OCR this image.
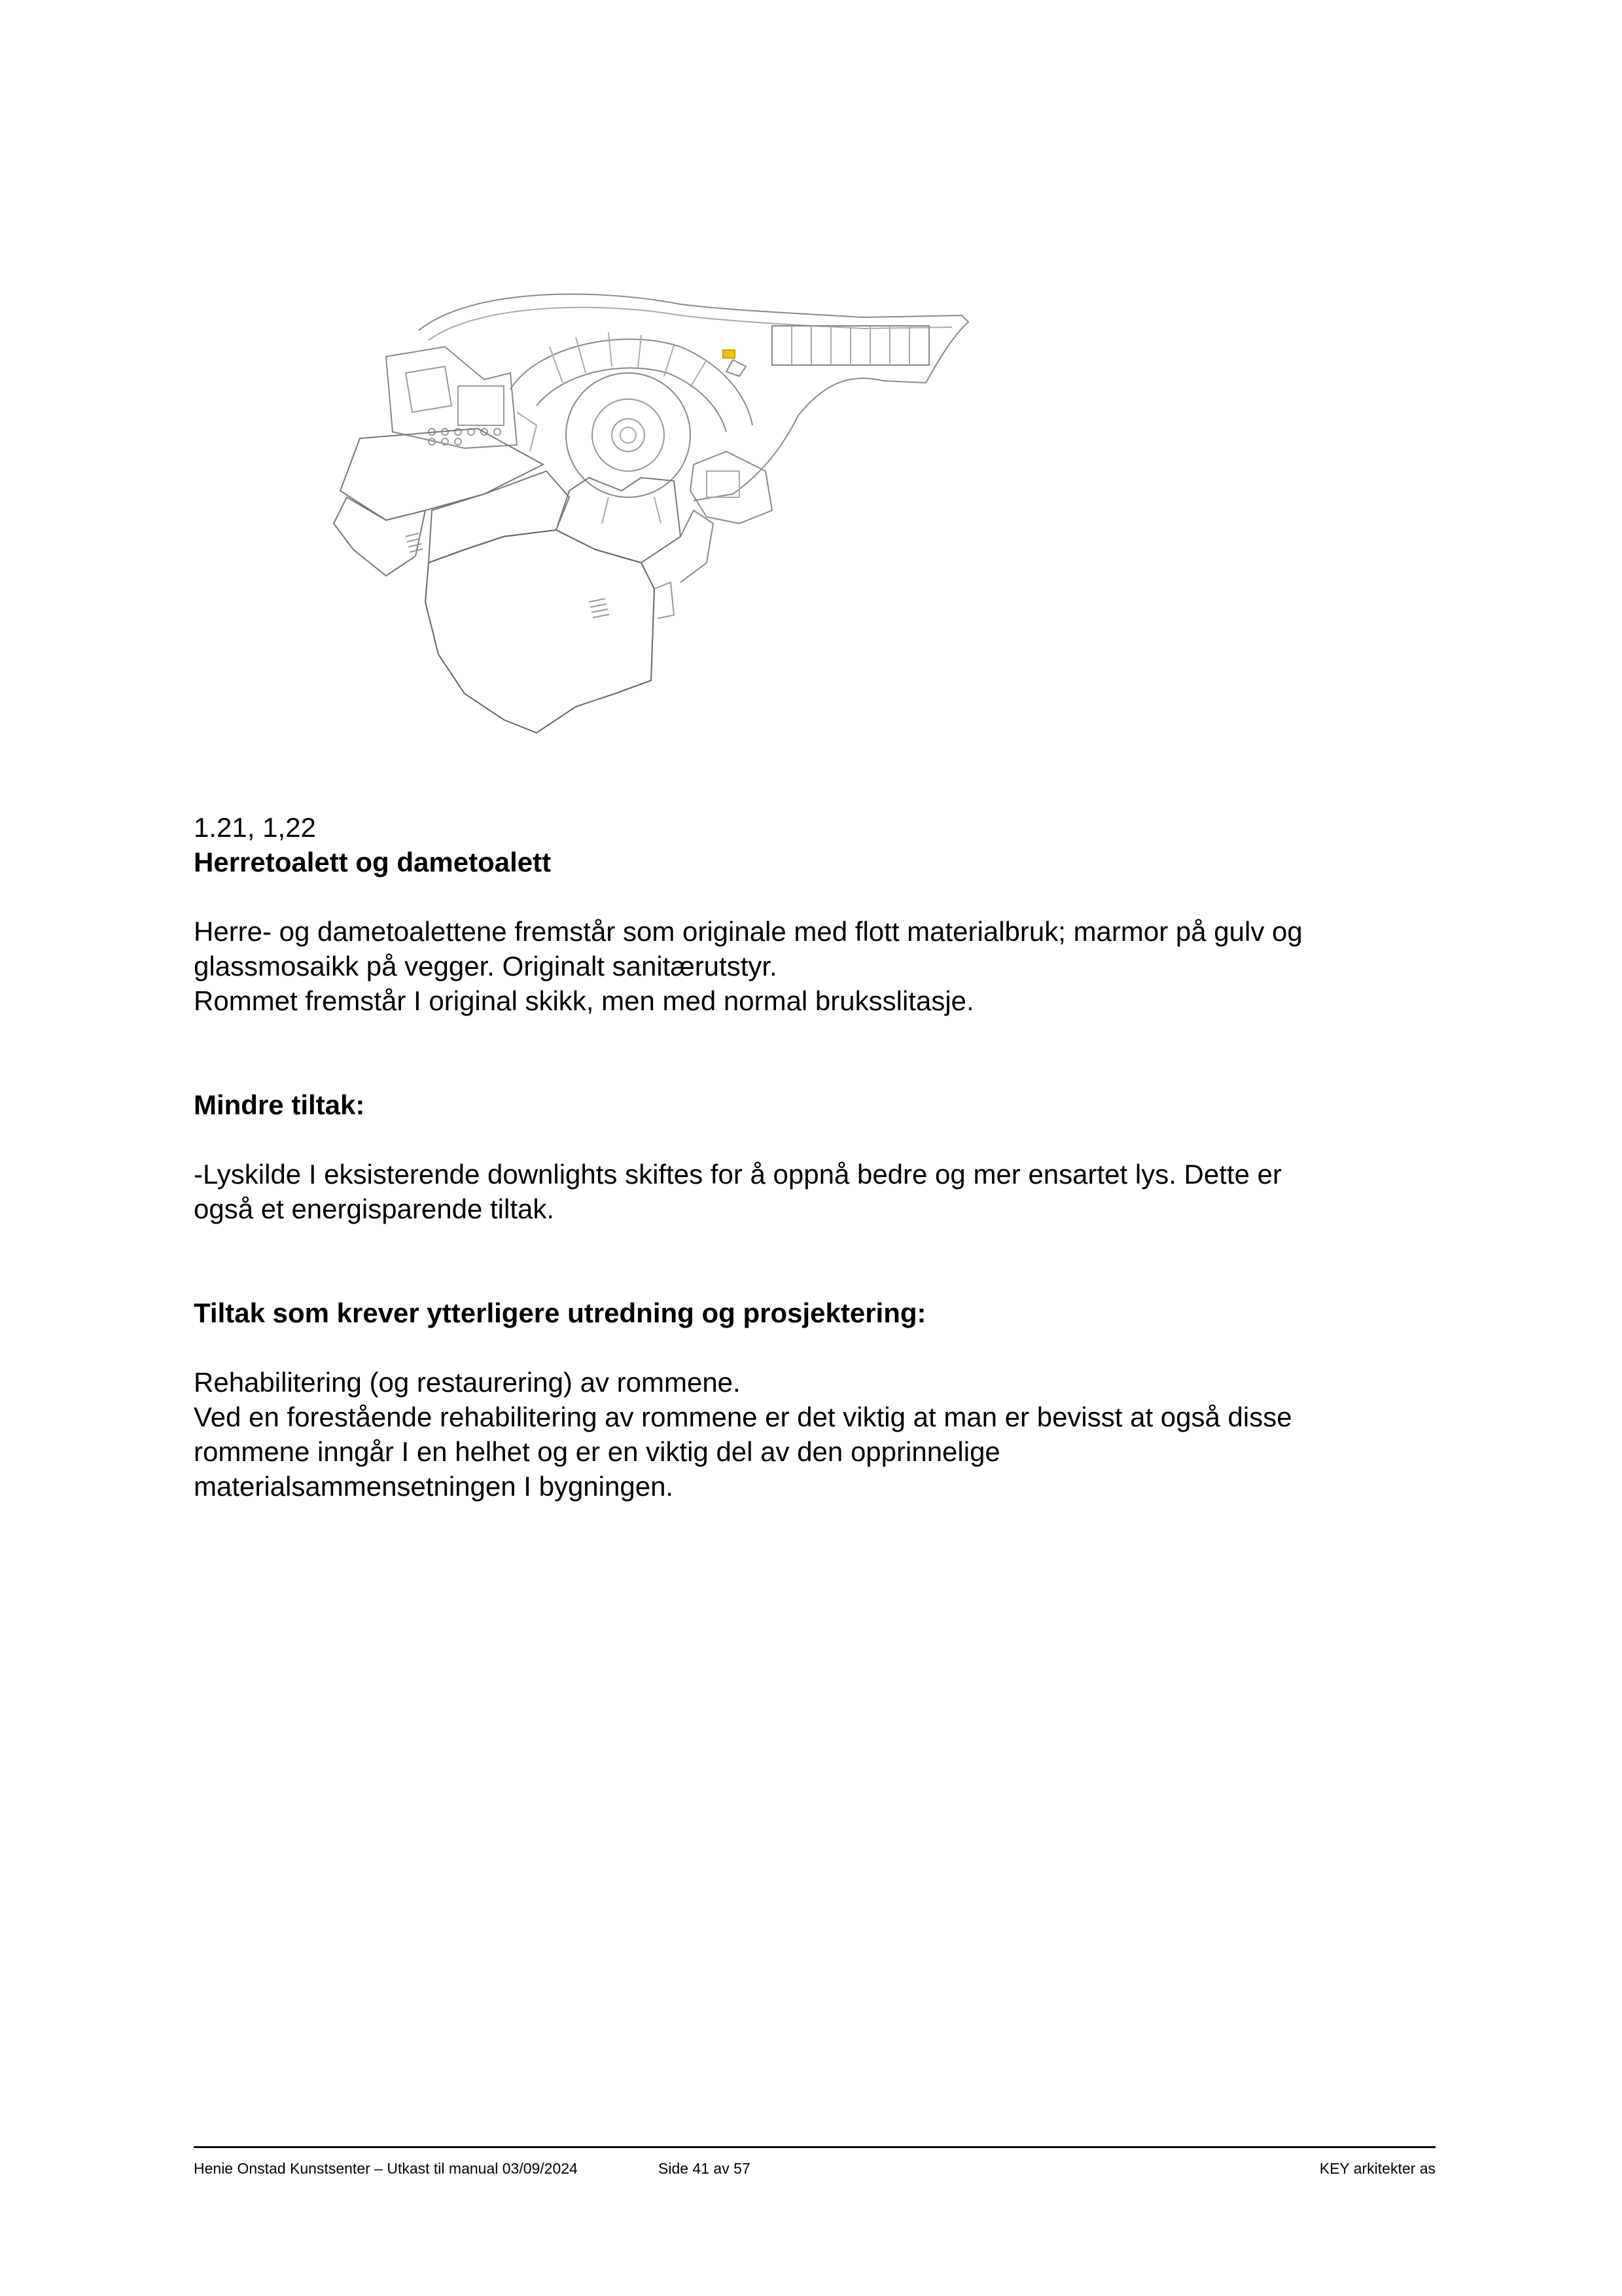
1.21, 1,22

Herretoalett og dametoalett

Herre- og dametoalettene fremstår som originale med flott materialbruk; marmor på gulv og

glassmosaikk på vegger. Originalt sanitærutstyr.

Rommet fremstår I original skikk, men med normal bruksslitasje.

Mindre tiltak:

-Lyskilde I eksisterende downlights skiftes for å oppnå bedre og mer ensartet lys. Dette er

også et energisparende tiltak.

Tiltak som krever ytterligere utredning og prosjektering:

Rehabilitering (og restaurering) av rommene.

Ved en forestående rehabilitering av rommene er det viktig at man er bevisst at også disse

rommene inngår I en helhet og er en viktig del av den opprinnelige

materialsammensetningen I bygningen.

Henie Onstad Kunstsenter – Utkast til manual 03/09/2024	Side 41 av 57	KEY arkitekter as
